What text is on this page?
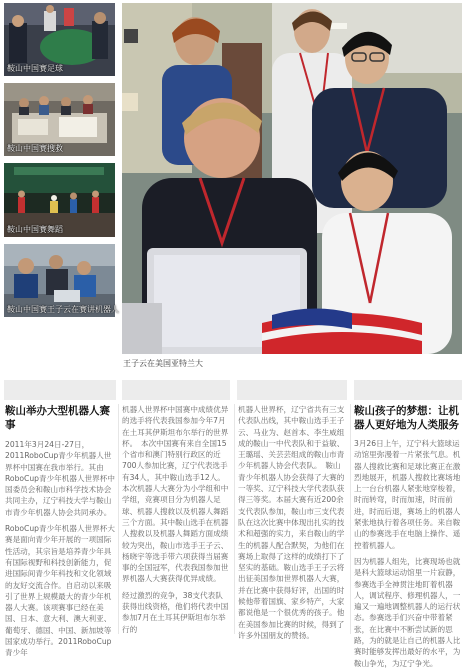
鞍山中国赛足球
鞍山中国赛搜救
鞍山中国赛舞蹈
鞍山中国赛王子云在赛讲机器人
王子云在美国亚特兰大
鞍山举办大型机器人赛事

2011年3月24日-27日，2011RoboCup青少年机器人世界杯中国赛在我市举行。其由RoboCup青少年机器人世界杯中国委员会和鞍山市科学技术协会共同主办，辽宁科技大学与鞍山市青少年机器人协会共同承办。

RoboCup青少年机器人世界杯大赛是面向青少年开展的一项国际性活动，其宗旨是培养青少年具有国际视野和科技创新能力，促进国际间青少年科技和文化领域的友好交流合作。自启动以来吸引了世界上规模最大的青少年机器人大赛。该项赛事已经在美国、日本、意大利、澳大利亚、葡萄牙、德国、中国、新加坡等国家成功举行。2011RoboCup青少年

机器人世界杯中国赛中成绩优异的选手将代表我国参加今年7月在土耳其伊斯坦布尔举行的世界杯。　本次中国赛有来自全国15个省市和澳门特别行政区的近700人参加比赛，辽宁代表选手有34人，其中鞍山选手12人。本次机器人大赛分为小学组和中学组，竞赛项目分为机器人足球、机器人搜救以及机器人舞蹈三个方面。其中鞍山选手在机器人搜救以及机器人舞蹈方面成绩较为突出，鞍山市选手王子云、杨晓宇等选手带六项获得当届赛事的全国冠军，代表我国参加世界机器人大赛获得优异成绩。

经过激烈的竞争，38支代表队获得出线资格，他们将代表中国参加7月在土耳其伊斯坦布尔举行的

机器人世界杯，辽宁省共有三支代表队出线，其中鞍山选手王子云、马业为、赵首本、李生威组成的鞍山一中代表队和于益敏、王璐瑶、关芸芸组成的鞍山市青少年机器人协会代表队。　鞍山青少年机器人协会获得了大赛的一等奖、辽宁科技大学代表队获得三等奖。本届大赛有近200余支代表队参加，鞍山市三支代表队在这次比赛中体现出扎实的技术和超强的实力，来自鞍山的学生的机器人配合默契，为他们在赛场上取得了这样的成绩打下了坚实的基础。鞍山选手王子云将出征美国参加世界机器人大赛，并在比赛中获得好评，出国的时候他带着国旗、家乡特产，大家都说他是一个很优秀的孩子。他在美国参加比赛的时候，得到了许多外国朋友的赞扬。

鞍山孩子的梦想：让机器人更好地为人类服务

3月26日上午，辽宁科大篮球运动馆里弥漫着一片紧张气息。机器人搜救比赛和足球比赛正在激烈地展开，机器人搜救比赛场地上一台台机器人紧张地穿梭着，时而转弯，时而加速，时而前进，时而后退，赛场上的机器人紧张地执行着各项任务。来自鞍山的参赛选手在电脑上操作、遥控着机器人。

因为机器人组先，比赛现场也就是科大篮球运动馆里一片寂静，参赛选手全神贯注地盯着机器人，调试程序、修理机器人，一遍又一遍地调整机器人的运行状态。参赛选手们兴奋中带着紧张，在比赛中不断尝试新的思路，为的就是让自己的机器人比赛时能够发挥出最好的水平，为鞍山争光，为辽宁争光。
